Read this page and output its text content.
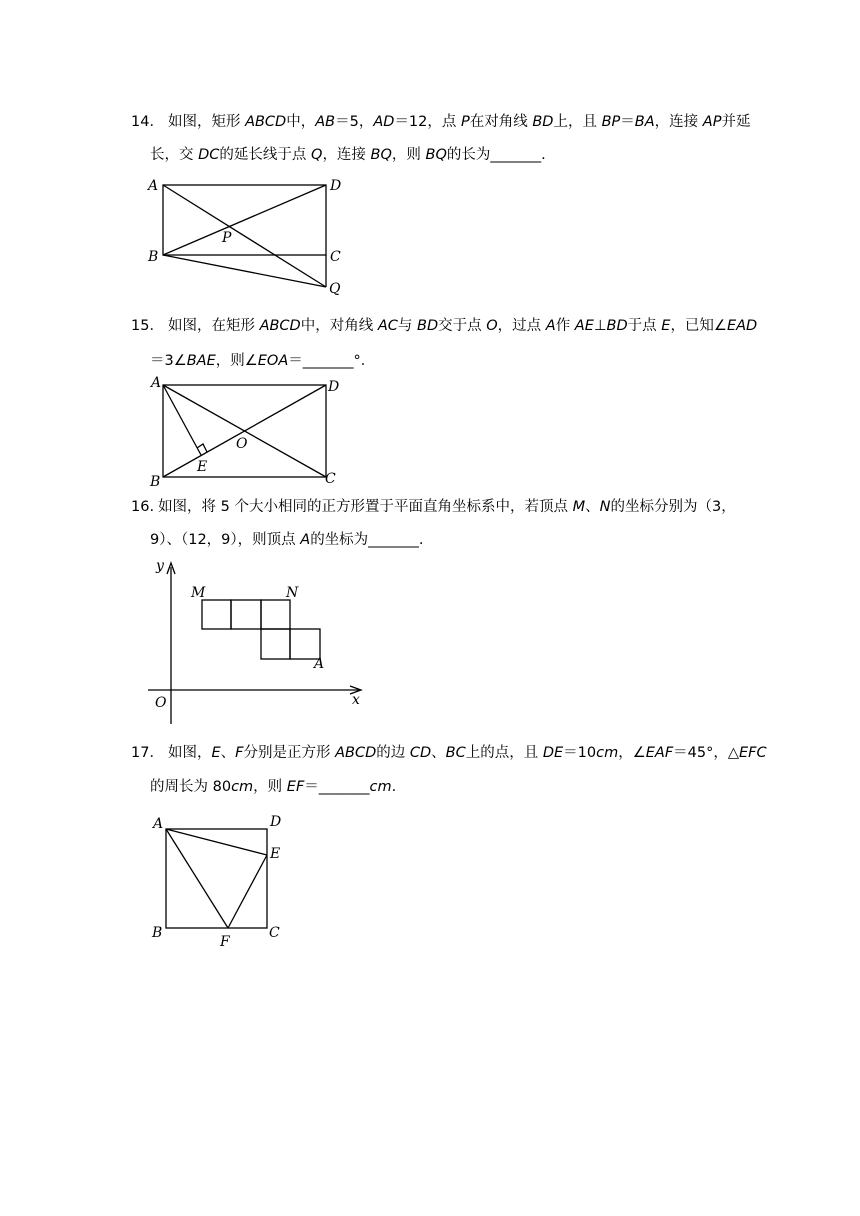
14． 如图，矩形 ABCD中，AB＝5，AD＝12，点 P在对角线 BD上，且 BP＝BA，连接 AP并延
长，交 DC的延长线于点 Q，连接 BQ，则 BQ的长为_______.
A	D
B	C
P
Q
15． 如图，在矩形 ABCD中，对角线 AC与 BD交于点 O，过点 A作 AE⊥BD于点 E，已知∠EAD
＝3∠BAE，则∠EOA＝_______°．
A	D
B	C
E
O
16. 如图，将 5 个大小相同的正方形置于平面直角坐标系中，若顶点 M、N的坐标分别为（3，
9）、（12，9），则顶点 A的坐标为_______.
y
x
O
M	N
A
17． 如图，E、F分别是正方形 ABCD的边 CD、BC上的点，且 DE＝10cm，∠EAF＝45°，△EFC
的周长为 80cm，则 EF＝_______cm.
A	D
E
B	C
F
